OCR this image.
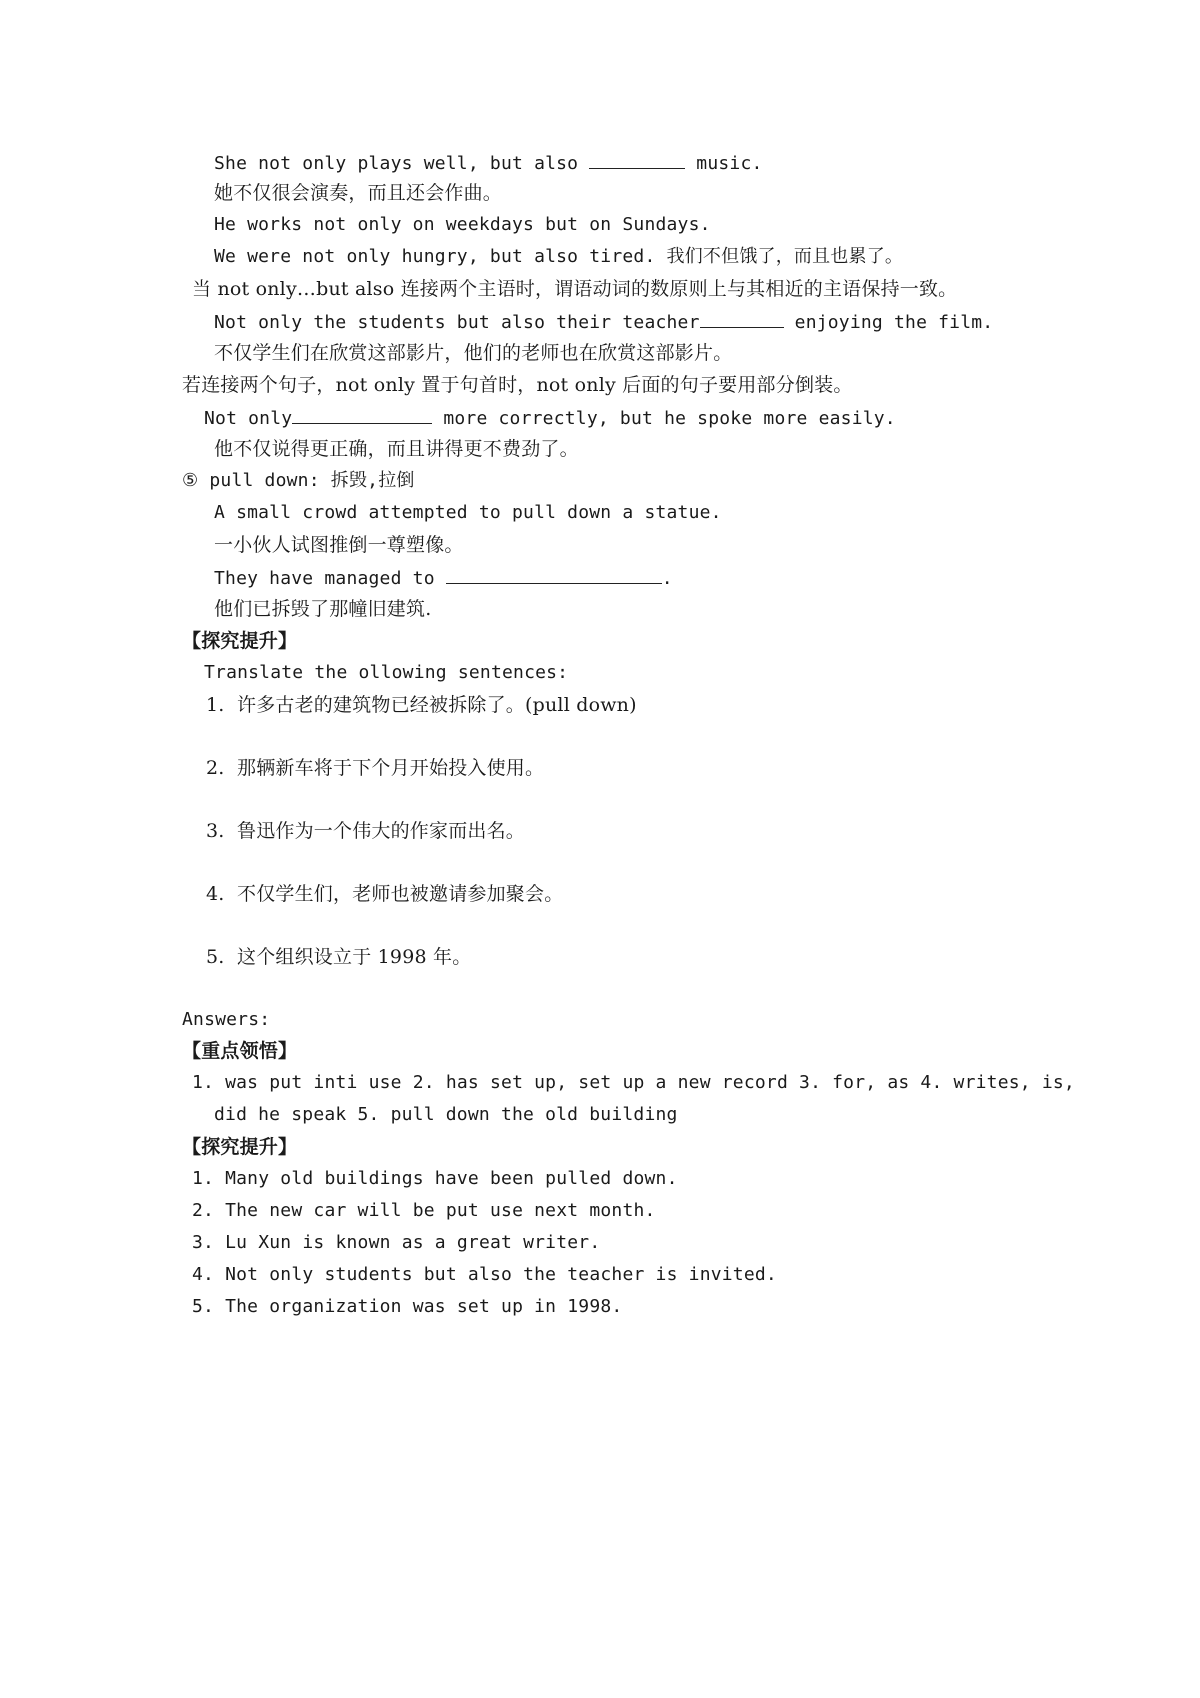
She not only plays well, but also	music.
她不仅很会演奏，而且还会作曲。
He works not only on weekdays but on Sundays.
We were not only hungry, but also tired. 我们不但饿了，而且也累了。
当 not only…but also 连接两个主语时，谓语动词的数原则上与其相近的主语保持一致。
Not only the students but also their teacher	enjoying the film.
不仅学生们在欣赏这部影片，他们的老师也在欣赏这部影片。
若连接两个句子，not only 置于句首时，not only 后面的句子要用部分倒装。
Not only	more correctly, but he spoke more easily.
他不仅说得更正确，而且讲得更不费劲了。
⑤ pull down: 拆毁,拉倒
A small crowd attempted to pull down a statue.
一小伙人试图推倒一尊塑像。
They have managed to	.
他们已拆毁了那幢旧建筑.
【探究提升】
Translate the ollowing sentences:
1.  许多古老的建筑物已经被拆除了。(pull down)
2.  那辆新车将于下个月开始投入使用。
3.  鲁迅作为一个伟大的作家而出名。
4.  不仅学生们，老师也被邀请参加聚会。
5.  这个组织设立于 1998 年。
Answers:
【重点领悟】
1. was put inti use 2. has set up, set up a new record 3. for, as 4. writes, is,
did he speak 5. pull down the old building
【探究提升】
1. Many old buildings have been pulled down.
2. The new car will be put use next month.
3. Lu Xun is known as a great writer.
4. Not only students but also the teacher is invited.
5. The organization was set up in 1998.
